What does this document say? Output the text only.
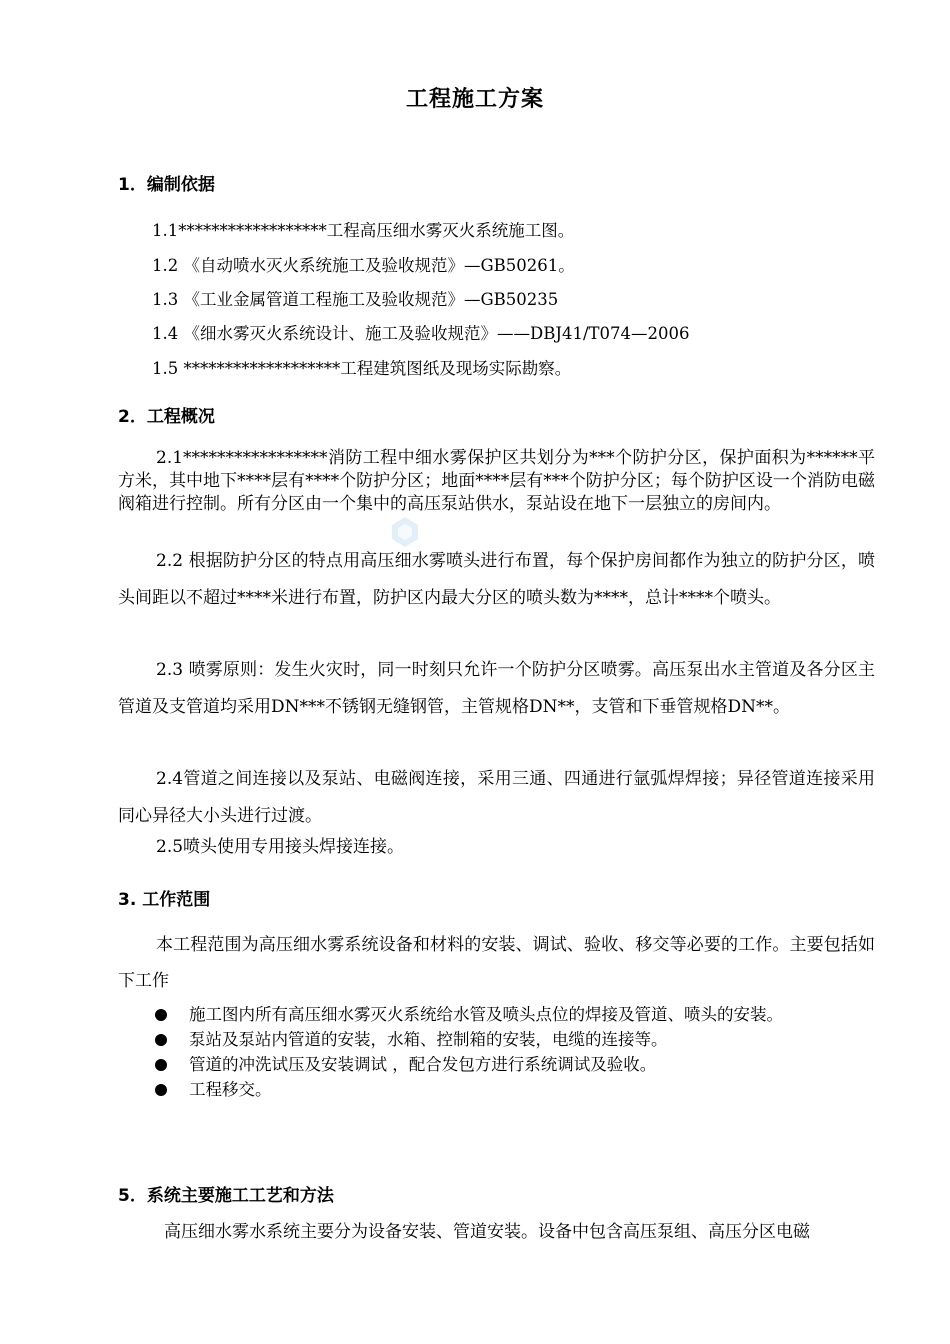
工程施工方案
1．编制依据
1.1******************工程高压细水雾灭火系统施工图。
1.2 《自动喷水灭火系统施工及验收规范》—GB50261。
1.3 《工业金属管道工程施工及验收规范》—GB50235
1.4 《细水雾灭火系统设计、施工及验收规范》——DBJ41/T074—2006
1.5 *******************工程建筑图纸及现场实际勘察。
2．工程概况
2.1*****************消防工程中细水雾保护区共划分为***个防护分区，保护面积为******平方米，其中地下****层有****个防护分区；地面****层有***个防护分区；每个防护区设一个消防电磁阀箱进行控制。所有分区由一个集中的高压泵站供水，泵站设在地下一层独立的房间内。
2.2 根据防护分区的特点用高压细水雾喷头进行布置，每个保护房间都作为独立的防护分区，喷头间距以不超过****米进行布置，防护区内最大分区的喷头数为****，总计****个喷头。
2.3 喷雾原则：发生火灾时，同一时刻只允许一个防护分区喷雾。高压泵出水主管道及各分区主管道及支管道均采用DN***不锈钢无缝钢管，主管规格DN**，支管和下垂管规格DN**。
2.4管道之间连接以及泵站、电磁阀连接，采用三通、四通进行氩弧焊焊接；异径管道连接采用同心异径大小头进行过渡。
2.5喷头使用专用接头焊接连接。
3. 工作范围
本工程范围为高压细水雾系统设备和材料的安装、调试、验收、移交等必要的工作。主要包括如下工作
施工图内所有高压细水雾灭火系统给水管及喷头点位的焊接及管道、喷头的安装。
泵站及泵站内管道的安装，水箱、控制箱的安装，电缆的连接等。
管道的冲洗试压及安装调试 ，配合发包方进行系统调试及验收。
工程移交。
5．系统主要施工工艺和方法
高压细水雾水系统主要分为设备安装、管道安装。设备中包含高压泵组、高压分区电磁
